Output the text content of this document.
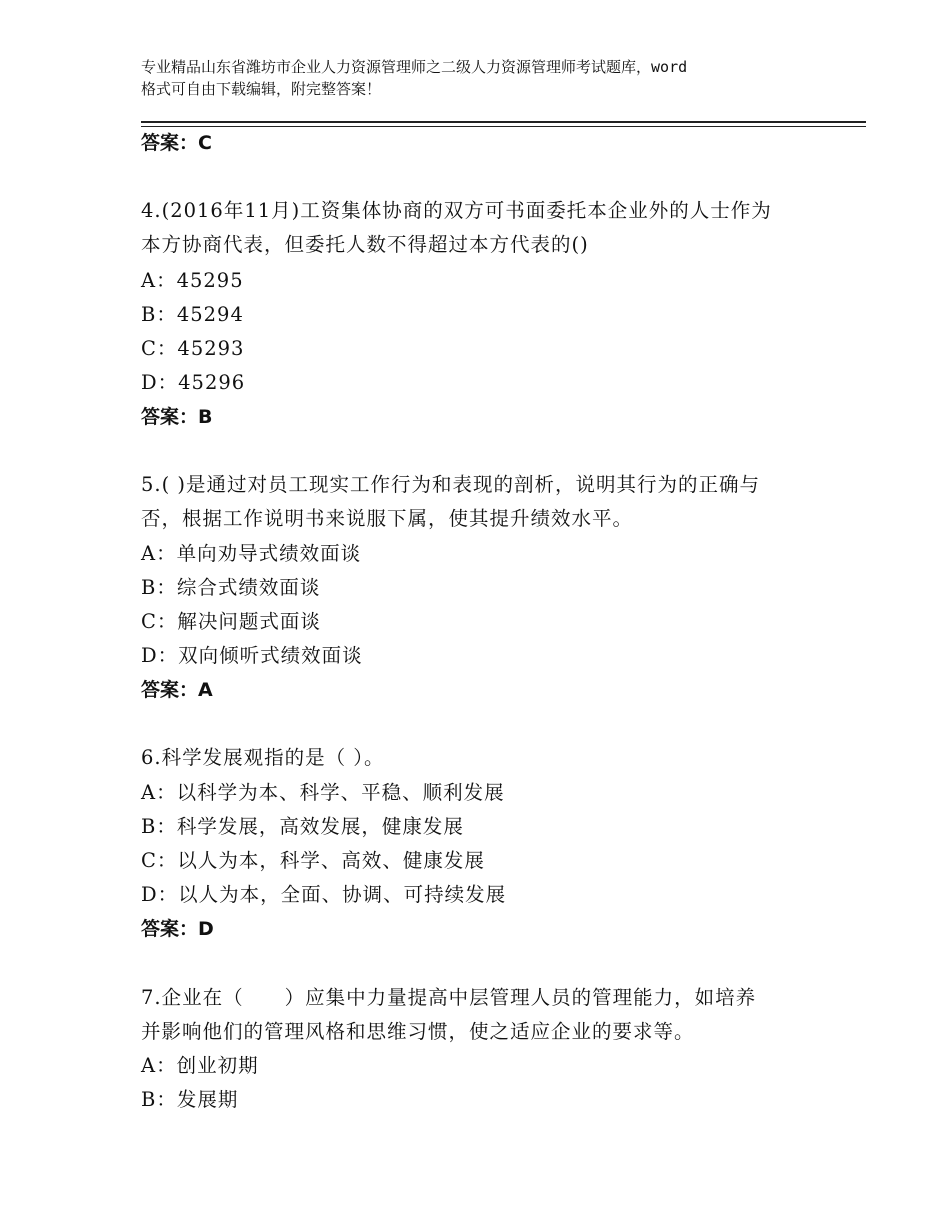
专业精品山东省潍坊市企业人力资源管理师之二级人力资源管理师考试题库，word
格式可自由下载编辑，附完整答案！
答案：C
4.(2016年11月)工资集体协商的双方可书面委托本企业外的人士作为
本方协商代表，但委托人数不得超过本方代表的()
A：45295
B：45294
C：45293
D：45296
答案：B
5.( )是通过对员工现实工作行为和表现的剖析，说明其行为的正确与
否，根据工作说明书来说服下属，使其提升绩效水平。
A：单向劝导式绩效面谈
B：综合式绩效面谈
C：解决问题式面谈
D：双向倾听式绩效面谈
答案：A
6.科学发展观指的是（ ）。
A：以科学为本、科学、平稳、顺利发展
B：科学发展，高效发展，健康发展
C：以人为本，科学、高效、健康发展
D：以人为本，全面、协调、可持续发展
答案：D
7.企业在（　　）应集中力量提高中层管理人员的管理能力，如培养
并影响他们的管理风格和思维习惯，使之适应企业的要求等。
A：创业初期
B：发展期
